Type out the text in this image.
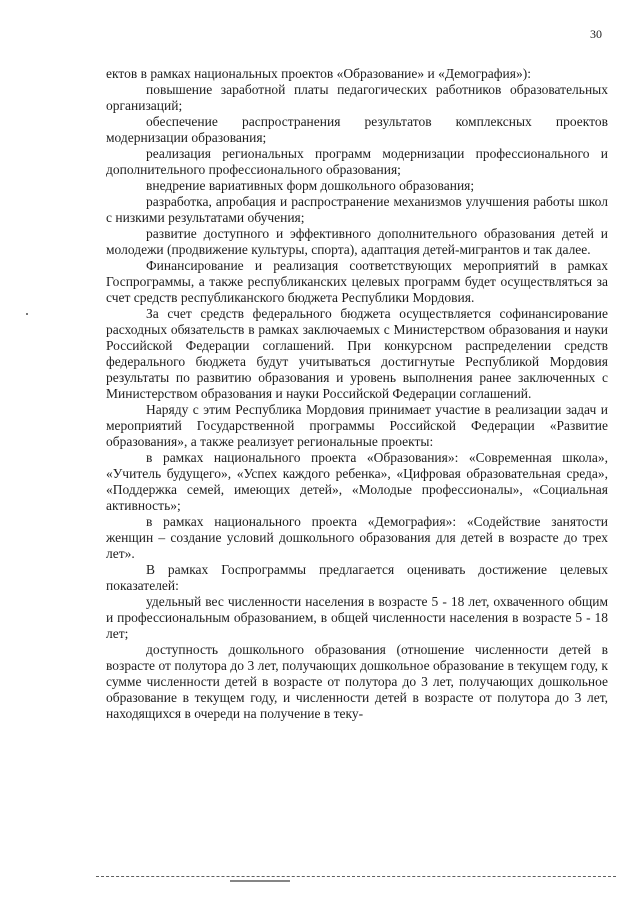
30

ектов в рамках национальных проектов «Образование» и «Демография»):

повышение заработной платы педагогических работников образовательных организаций;

обеспечение распространения результатов комплексных проектов модернизации образования;

реализация региональных программ модернизации профессионального и дополнительного профессионального образования;

внедрение вариативных форм дошкольного образования;

разработка, апробация и распространение механизмов улучшения работы школ с низкими результатами обучения;

развитие доступного и эффективного дополнительного образования детей и молодежи (продвижение культуры, спорта), адаптация детей-мигрантов и так далее.

Финансирование и реализация соответствующих мероприятий в рамках Госпрограммы, а также республиканских целевых программ будет осуществляться за счет средств республиканского бюджета Республики Мордовия.

За счет средств федерального бюджета осуществляется софинансирование расходных обязательств в рамках заключаемых с Министерством образования и науки Российской Федерации соглашений. При конкурсном распределении средств федерального бюджета будут учитываться достигнутые Республикой Мордовия результаты по развитию образования и уровень выполнения ранее заключенных с Министерством образования и науки Российской Федерации соглашений.

Наряду с этим Республика Мордовия принимает участие в реализации задач и мероприятий Государственной программы Российской Федерации «Развитие образования», а также реализует региональные проекты:

в рамках национального проекта «Образования»: «Современная школа», «Учитель будущего», «Успех каждого ребенка», «Цифровая образовательная среда», «Поддержка семей, имеющих детей», «Молодые профессионалы», «Социальная активность»;

в рамках национального проекта «Демография»: «Содействие занятости женщин – создание условий дошкольного образования для детей в возрасте до трех лет».

В рамках Госпрограммы предлагается оценивать достижение целевых показателей:

удельный вес численности населения в возрасте 5 - 18 лет, охваченного общим и профессиональным образованием, в общей численности населения в возрасте 5 - 18 лет;

доступность дошкольного образования (отношение численности детей в возрасте от полутора до 3 лет, получающих дошкольное образование в текущем году, к сумме численности детей в возрасте от полутора до 3 лет, получающих дошкольное образование в текущем году, и численности детей в возрасте от полутора до 3 лет, находящихся в очереди на получение в теку-
